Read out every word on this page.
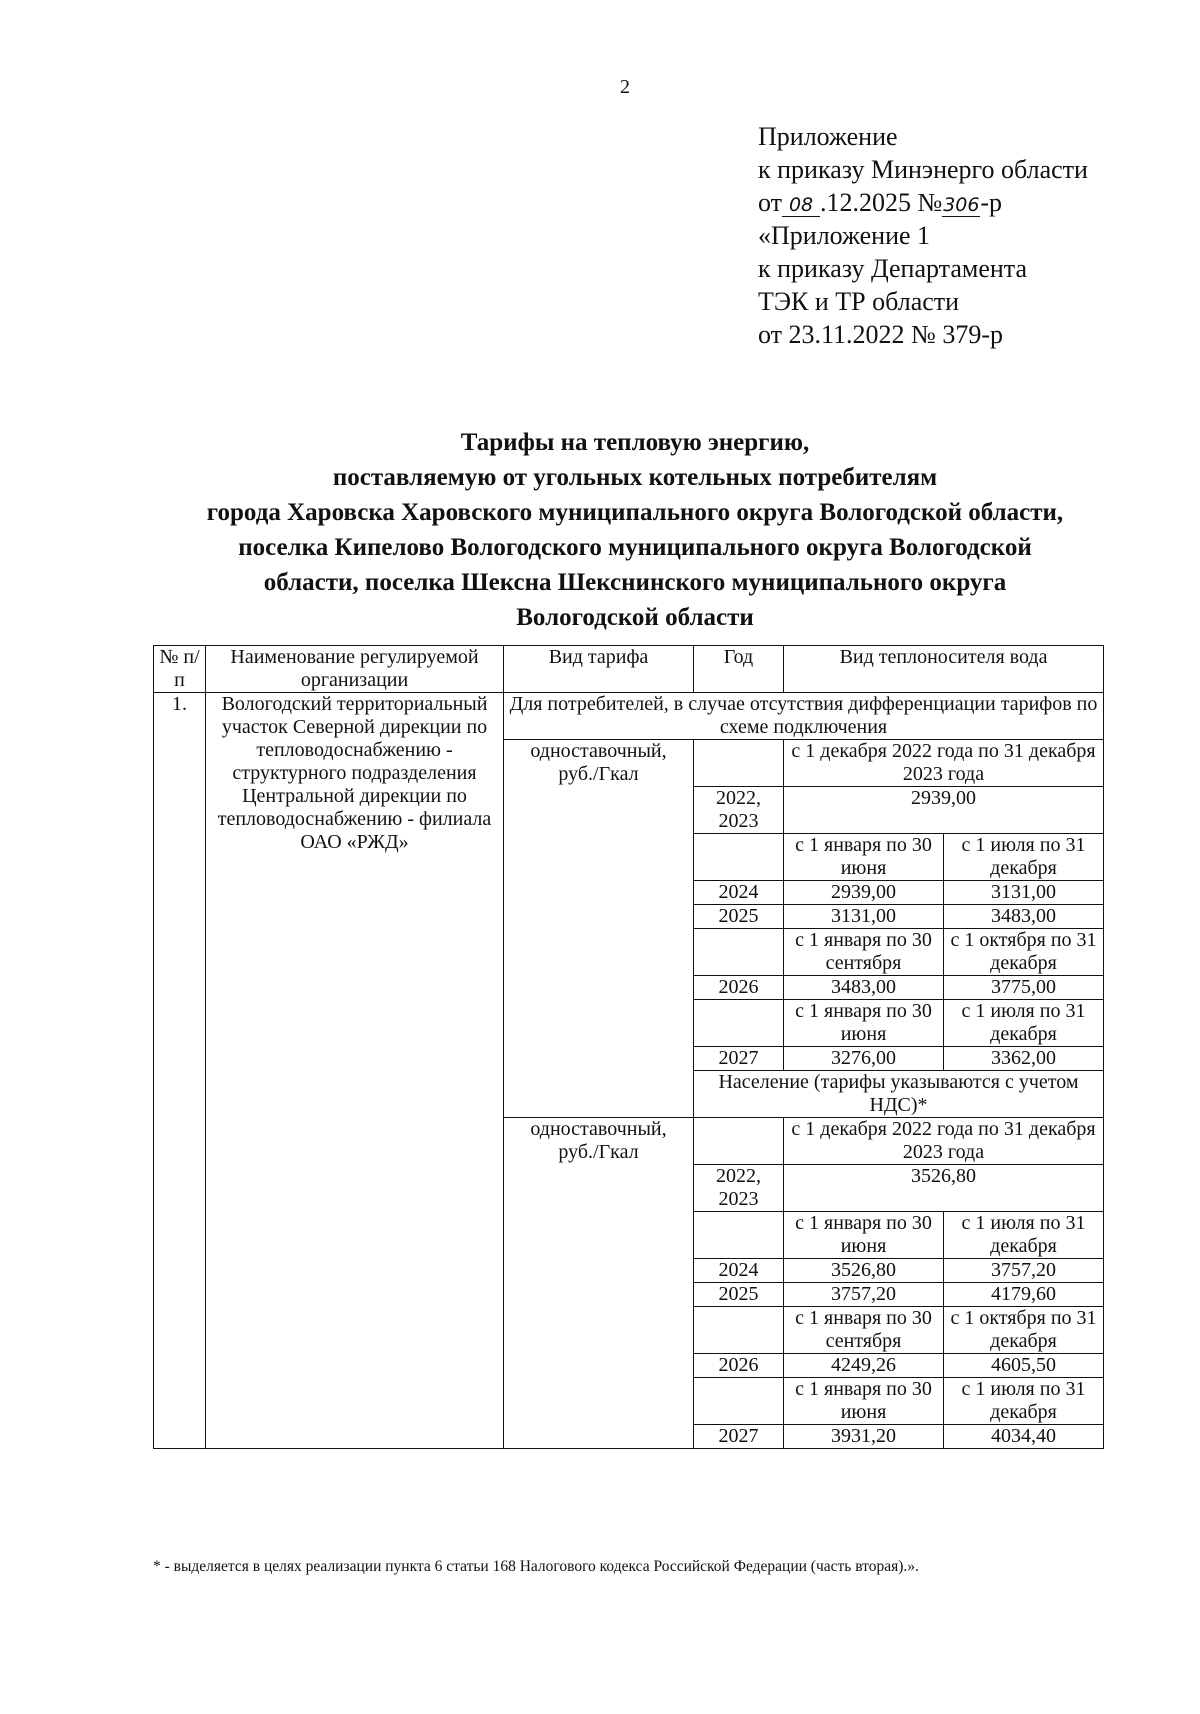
2
Приложение
к приказу Минэнерго области
от 08 .12.2025 №306-р
«Приложение 1
к приказу Департамента
ТЭК и ТР области
от 23.11.2022 № 379-р
Тарифы на тепловую энергию,
поставляемую от угольных котельных потребителям
города Харовска Харовского муниципального округа Вологодской области,
поселка Кипелово Вологодского муниципального округа Вологодской
области, поселка Шексна Шекснинского муниципального округа
Вологодской области
№ п/п	Наименование регулируемой организации	Вид тарифа	Год	Вид теплоносителя вода	
1.	Вологодский территориальный участок Северной дирекции по тепловодоснабжению - структурного подразделения Центральной дирекции по тепловодоснабжению - филиала ОАО «РЖД»	Для потребителей, в случае отсутствия дифференциации тарифов по схеме подключения			
		одноставочный, руб./Гкал		с 1 декабря 2022 года по 31 декабря 2023 года	
			2022, 2023	2939,00	
				с 1 января по 30 июня	с 1 июля по 31 декабря
			2024	2939,00	3131,00
			2025	3131,00	3483,00
				с 1 января по 30 сентября	с 1 октября по 31 декабря
			2026	3483,00	3775,00
				с 1 января по 30 июня	с 1 июля по 31 декабря
			2027	3276,00	3362,00
			Население (тарифы указываются с учетом НДС)*		
		одноставочный, руб./Гкал		с 1 декабря 2022 года по 31 декабря 2023 года	
			2022, 2023	3526,80	
				с 1 января по 30 июня	с 1 июля по 31 декабря
			2024	3526,80	3757,20
			2025	3757,20	4179,60
				с 1 января по 30 сентября	с 1 октября по 31 декабря
			2026	4249,26	4605,50
				с 1 января по 30 июня	с 1 июля по 31 декабря
			2027	3931,20	4034,40
* - выделяется в целях реализации пункта 6 статьи 168 Налогового кодекса Российской Федерации (часть вторая).».
